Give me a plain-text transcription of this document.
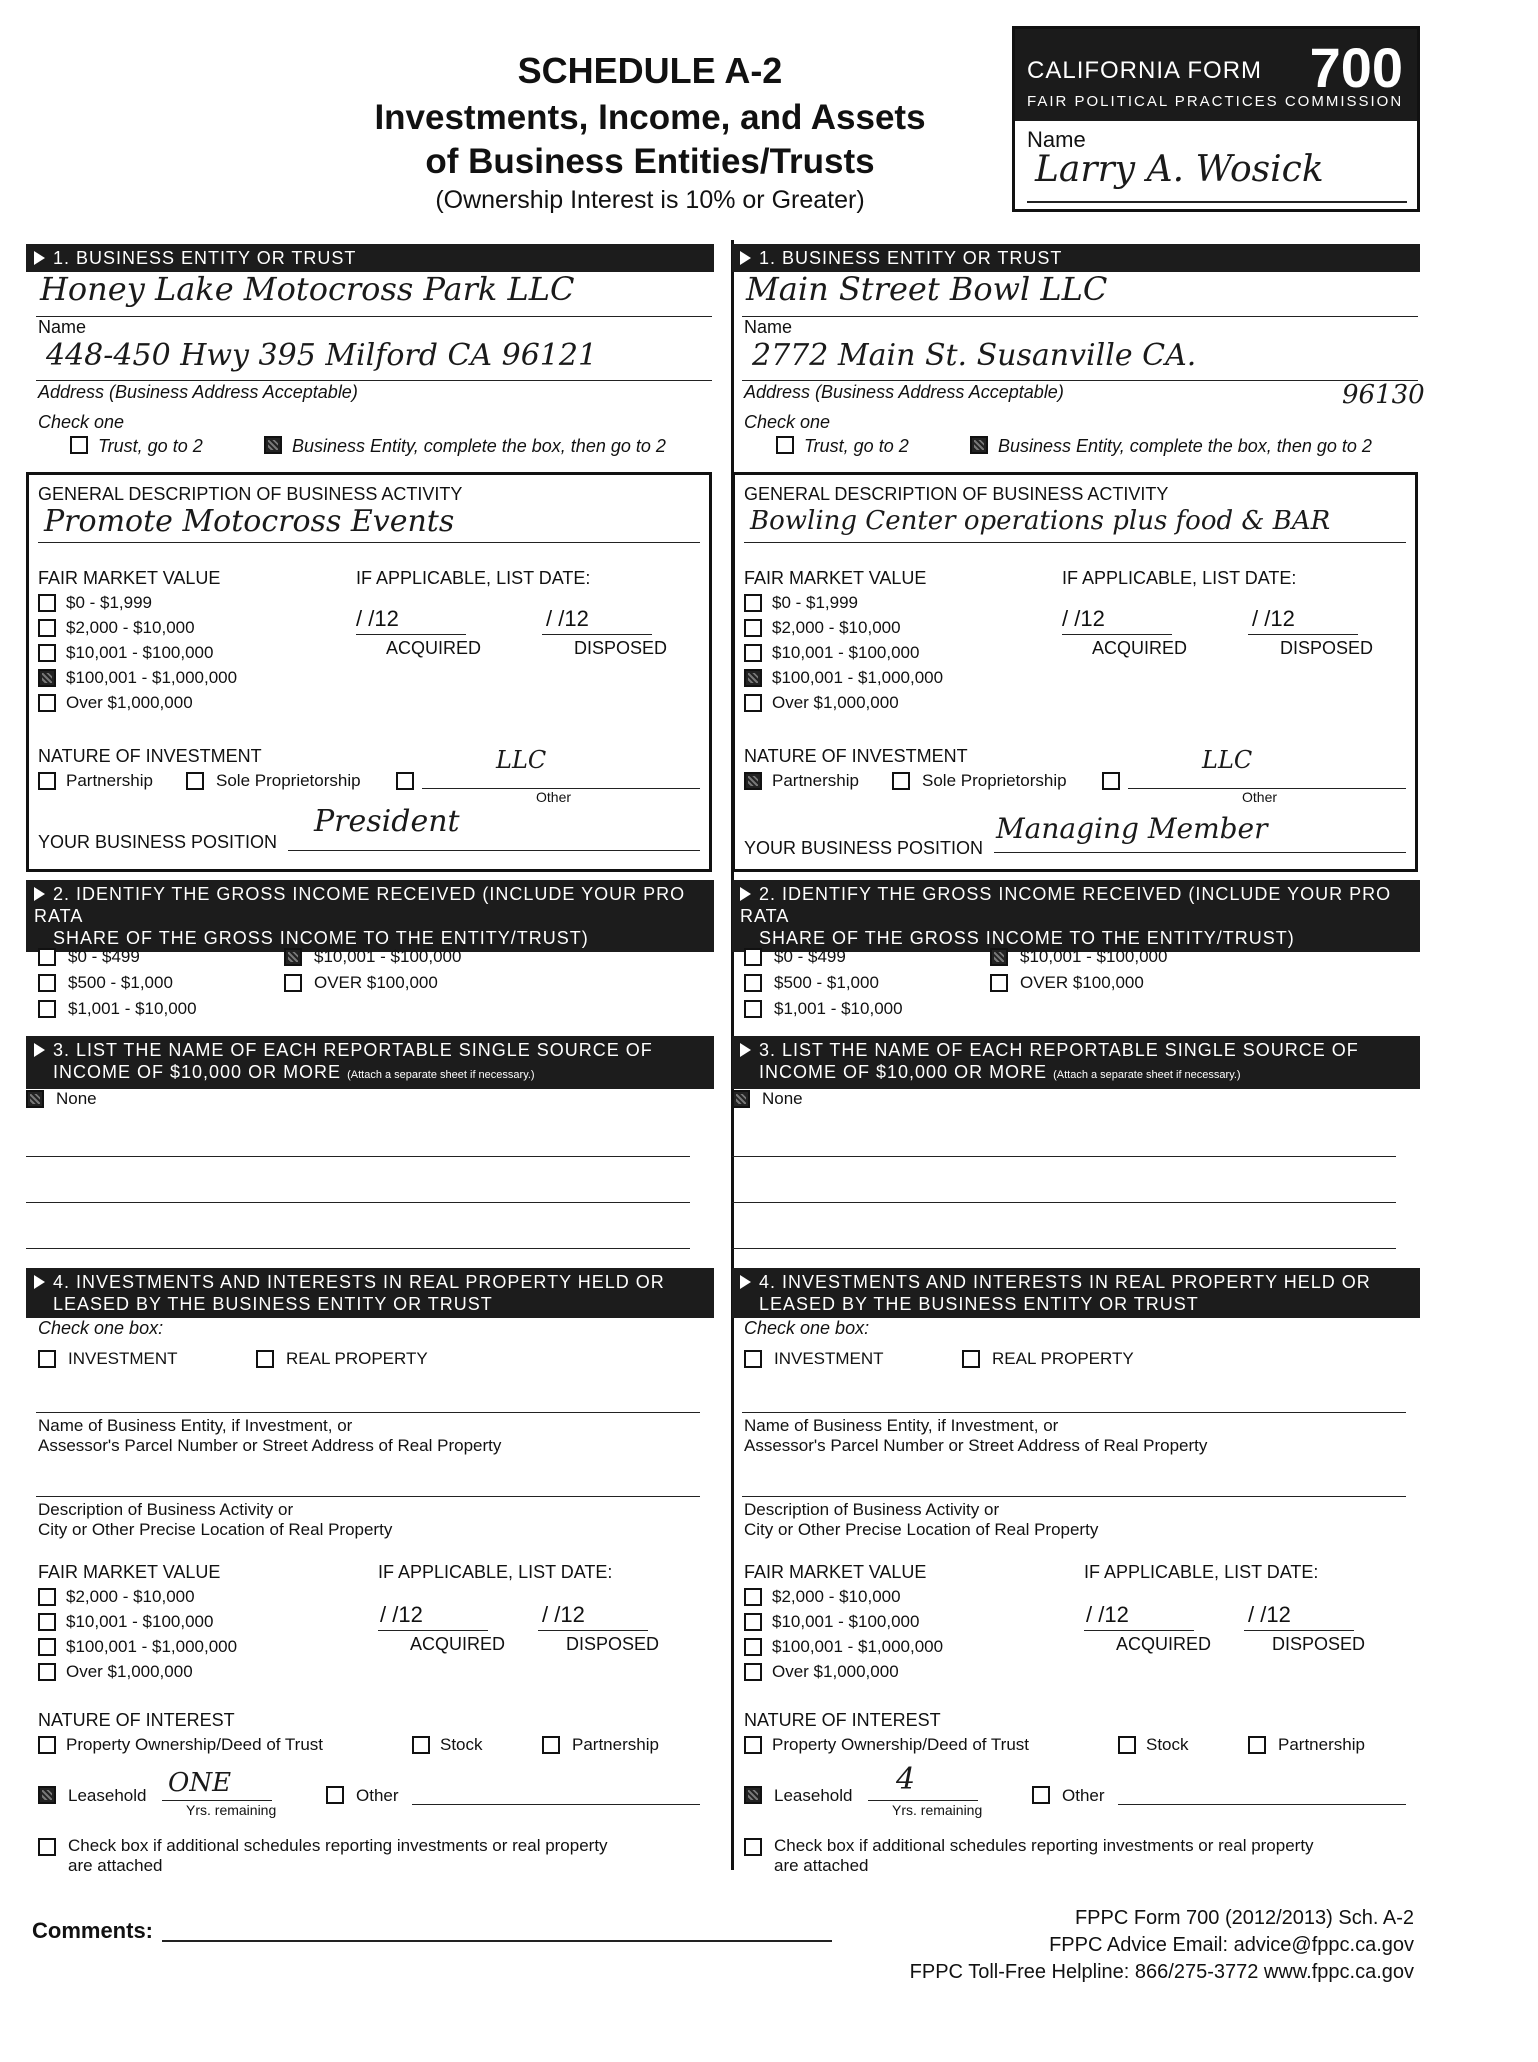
SCHEDULE A-2
Investments, Income, and Assets
of Business Entities/Trusts
(Ownership Interest is 10% or Greater)
CALIFORNIA FORM 700
FAIR POLITICAL PRACTICES COMMISSION
Name
Larry A. Wosick
1. BUSINESS ENTITY OR TRUST
Honey Lake Motocross Park LLC
Name
448-450 Hwy 395 Milford CA 96121
Address (Business Address Acceptable)
Check one
Trust, go to 2	Business Entity, complete the box, then go to 2
GENERAL DESCRIPTION OF BUSINESS ACTIVITY
Promote Motocross Events
FAIR MARKET VALUE	IF APPLICABLE, LIST DATE:
$0 - $1,999
$2,000 - $10,000
$10,001 - $100,000
$100,001 - $1,000,000
Over $1,000,000
/ /12
ACQUIRED
/ /12
DISPOSED
NATURE OF INVESTMENT
Partnership	Sole Proprietorship
LLC
Other
YOUR BUSINESS POSITION
President
2. IDENTIFY THE GROSS INCOME RECEIVED (INCLUDE YOUR PRO RATA
SHARE OF THE GROSS INCOME TO THE ENTITY/TRUST)
$0 - $499
$500 - $1,000
$1,001 - $10,000
$10,001 - $100,000
OVER $100,000
3. LIST THE NAME OF EACH REPORTABLE SINGLE SOURCE OF
INCOME OF $10,000 OR MORE (Attach a separate sheet if necessary.)
None
4. INVESTMENTS AND INTERESTS IN REAL PROPERTY HELD OR
LEASED BY THE BUSINESS ENTITY OR TRUST
Check one box:
INVESTMENT	REAL PROPERTY
Name of Business Entity, if Investment, or
Assessor's Parcel Number or Street Address of Real Property
Description of Business Activity or
City or Other Precise Location of Real Property
FAIR MARKET VALUE	IF APPLICABLE, LIST DATE:
$2,000 - $10,000
$10,001 - $100,000
$100,001 - $1,000,000
Over $1,000,000
/ /12
ACQUIRED
/ /12
DISPOSED
NATURE OF INTEREST
Property Ownership/Deed of Trust	Stock	Partnership
Leasehold ONE
Yrs. remaining
Other
Check box if additional schedules reporting investments or real property
are attached
1. BUSINESS ENTITY OR TRUST
Main Street Bowl LLC
Name
2772 Main St. Susanville CA.
Address (Business Address Acceptable)	96130
Check one
Trust, go to 2	Business Entity, complete the box, then go to 2
GENERAL DESCRIPTION OF BUSINESS ACTIVITY
Bowling Center operations plus food & BAR
FAIR MARKET VALUE	IF APPLICABLE, LIST DATE:
$0 - $1,999
$2,000 - $10,000
$10,001 - $100,000
$100,001 - $1,000,000
Over $1,000,000
/ /12
ACQUIRED
/ /12
DISPOSED
NATURE OF INVESTMENT
Partnership	Sole Proprietorship
LLC
Other
YOUR BUSINESS POSITION
Managing Member
2. IDENTIFY THE GROSS INCOME RECEIVED (INCLUDE YOUR PRO RATA
SHARE OF THE GROSS INCOME TO THE ENTITY/TRUST)
$0 - $499
$500 - $1,000
$1,001 - $10,000
$10,001 - $100,000
OVER $100,000
3. LIST THE NAME OF EACH REPORTABLE SINGLE SOURCE OF
INCOME OF $10,000 OR MORE (Attach a separate sheet if necessary.)
None
4. INVESTMENTS AND INTERESTS IN REAL PROPERTY HELD OR
LEASED BY THE BUSINESS ENTITY OR TRUST
Check one box:
INVESTMENT	REAL PROPERTY
Name of Business Entity, if Investment, or
Assessor's Parcel Number or Street Address of Real Property
Description of Business Activity or
City or Other Precise Location of Real Property
FAIR MARKET VALUE	IF APPLICABLE, LIST DATE:
$2,000 - $10,000
$10,001 - $100,000
$100,001 - $1,000,000
Over $1,000,000
/ /12
ACQUIRED
/ /12
DISPOSED
NATURE OF INTEREST
Property Ownership/Deed of Trust	Stock	Partnership
Leasehold 4
Yrs. remaining
Other
Check box if additional schedules reporting investments or real property
are attached
Comments:	FPPC Form 700 (2012/2013) Sch. A-2
FPPC Advice Email: advice@fppc.ca.gov
FPPC Toll-Free Helpline: 866/275-3772 www.fppc.ca.gov
